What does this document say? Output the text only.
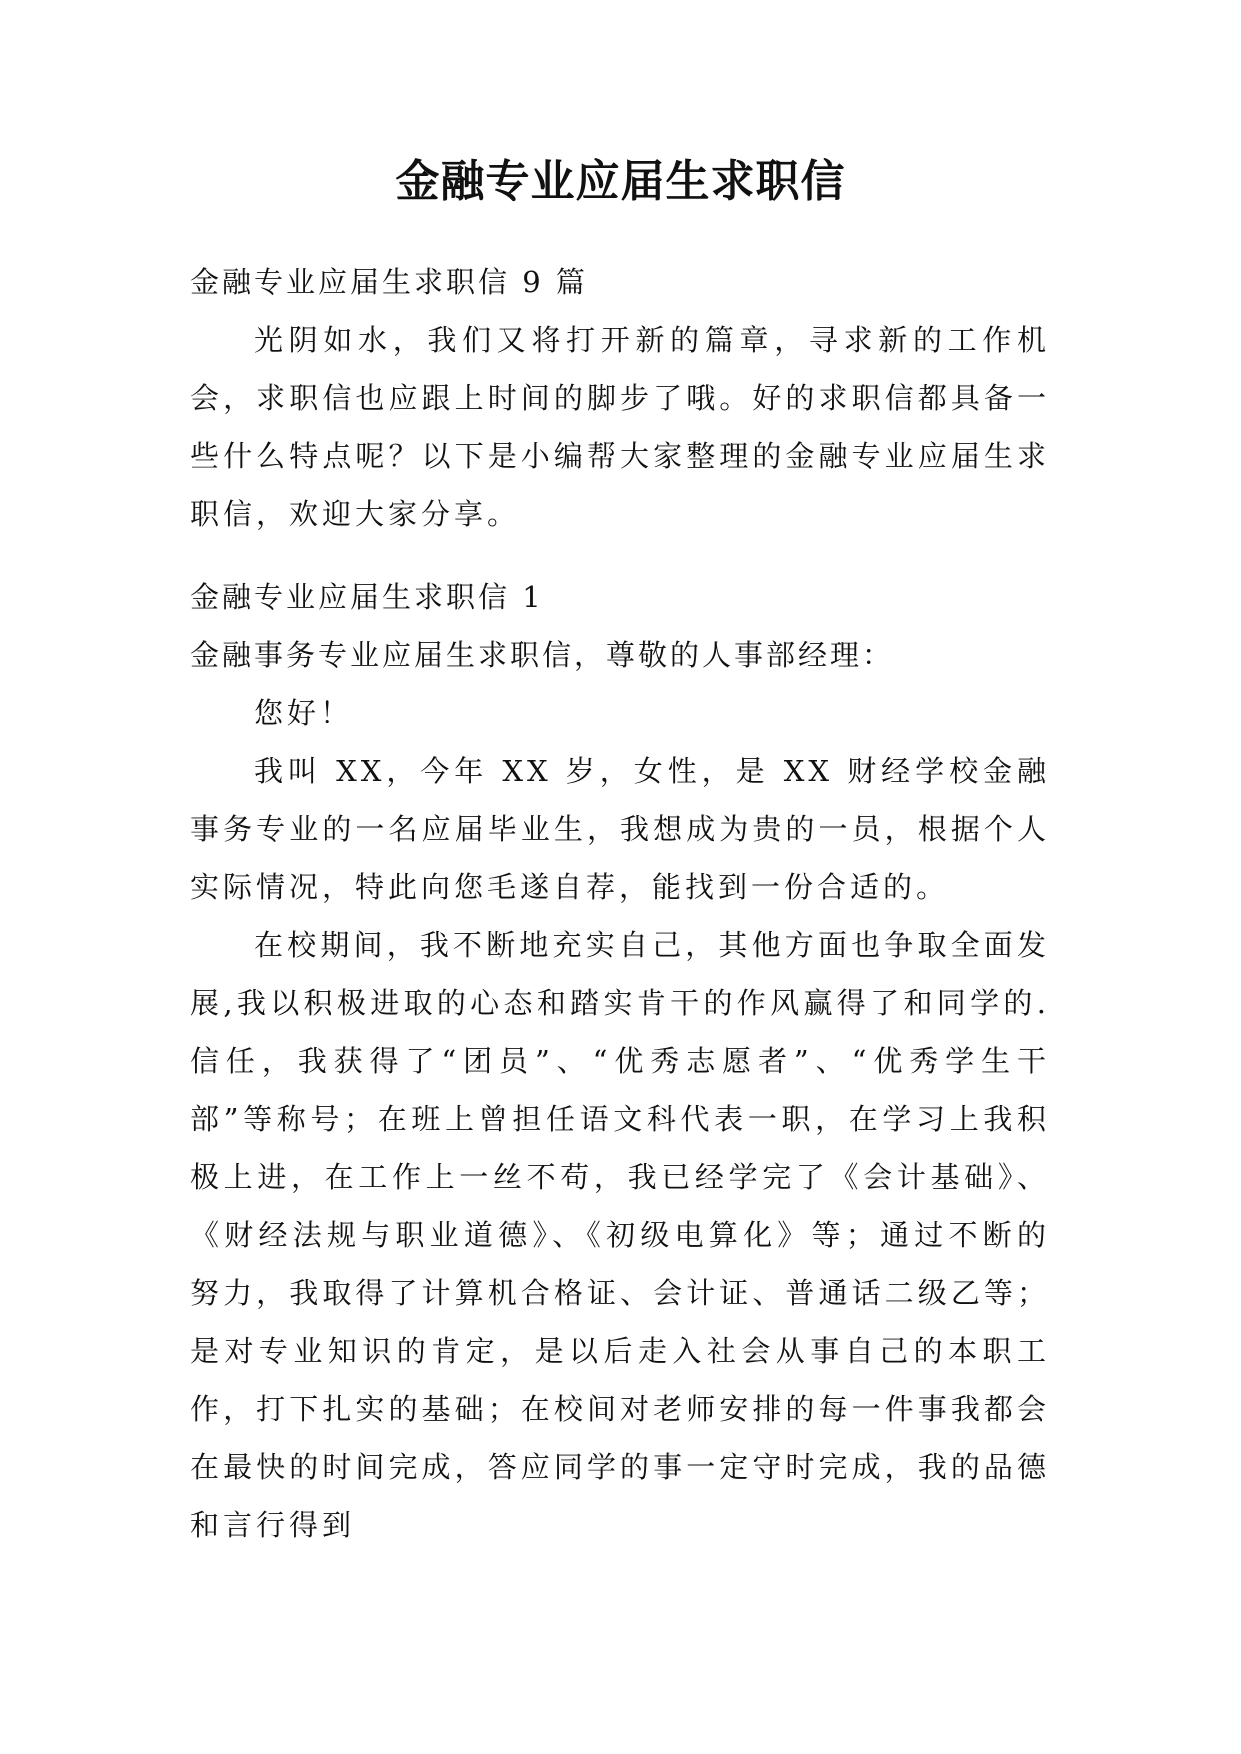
金融专业应届生求职信

金融专业应届生求职信 9 篇

光阴如水，我们又将打开新的篇章，寻求新的工作机会，求职信也应跟上时间的脚步了哦。好的求职信都具备一些什么特点呢？以下是小编帮大家整理的金融专业应届生求职信，欢迎大家分享。

金融专业应届生求职信 1

金融事务专业应届生求职信，尊敬的人事部经理：

您好！

我叫 XX，今年 XX 岁，女性，是 XX 财经学校金融事务专业的一名应届毕业生，我想成为贵的一员，根据个人实际情况，特此向您毛遂自荐，能找到一份合适的。

在校期间，我不断地充实自己，其他方面也争取全面发展,我以积极进取的心态和踏实肯干的作风赢得了和同学的.信任，我获得了“团员”、“优秀志愿者”、“优秀学生干部”等称号；在班上曾担任语文科代表一职，在学习上我积极上进，在工作上一丝不苟，我已经学完了《会计基础》、《财经法规与职业道德》、《初级电算化》等；通过不断的努力，我取得了计算机合格证、会计证、普通话二级乙等；是对专业知识的肯定，是以后走入社会从事自己的本职工作，打下扎实的基础；在校间对老师安排的每一件事我都会在最快的时间完成，答应同学的事一定守时完成，我的品德和言行得到
